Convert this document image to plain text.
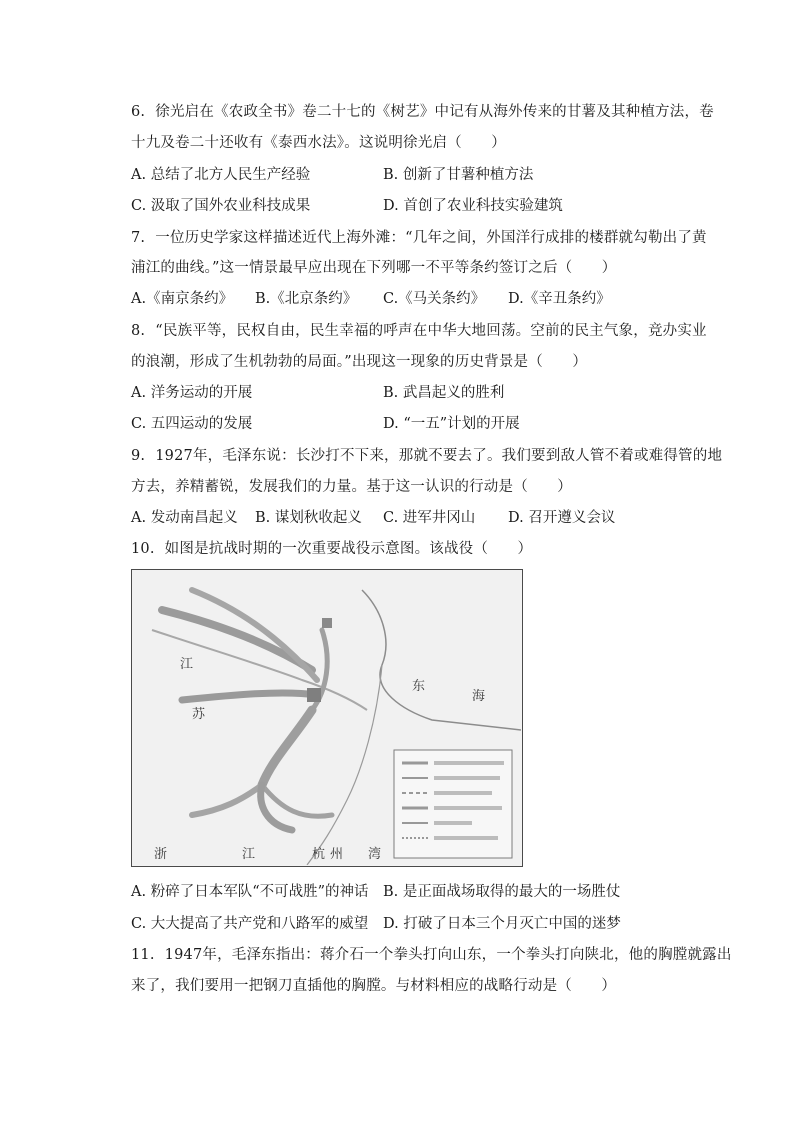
6. 徐光启在《农政全书》卷二十七的《树艺》中记有从海外传来的甘薯及其种植方法，卷
十九及卷二十还收有《泰西水法》。这说明徐光启（　　）
A. 总结了北方人民生产经验	B. 创新了甘薯种植方法
C. 汲取了国外农业科技成果	D. 首创了农业科技实验建筑
7. 一位历史学家这样描述近代上海外滩：“几年之间，外国洋行成排的楼群就勾勒出了黄
浦江的曲线。”这一情景最早应出现在下列哪一不平等条约签订之后（　　）
A.《南京条约》 B.《北京条约》 C.《马关条约》 D.《辛丑条约》
8. “民族平等，民权自由，民生幸福的呼声在中华大地回荡。空前的民主气象，竞办实业
的浪潮，形成了生机勃勃的局面。”出现这一现象的历史背景是（　　）
A. 洋务运动的开展	B. 武昌起义的胜利
C. 五四运动的发展	D. “一五”计划的开展
9. 1927年，毛泽东说：长沙打不下来，那就不要去了。我们要到敌人管不着或难得管的地
方去，养精蓄锐，发展我们的力量。基于这一认识的行动是（　　）
A. 发动南昌起义 B. 谋划秋收起义 C. 进军井冈山 D. 召开遵义会议
10. 如图是抗战时期的一次重要战役示意图。该战役（　　）
江
苏
东
海
浙	江	杭 州 湾
A. 粉碎了日本军队“不可战胜”的神话 B. 是正面战场取得的最大的一场胜仗
C. 大大提高了共产党和八路军的威望 D. 打破了日本三个月灭亡中国的迷梦
11. 1947年，毛泽东指出：蒋介石一个拳头打向山东，一个拳头打向陕北，他的胸膛就露出
来了，我们要用一把钢刀直插他的胸膛。与材料相应的战略行动是（　　）
